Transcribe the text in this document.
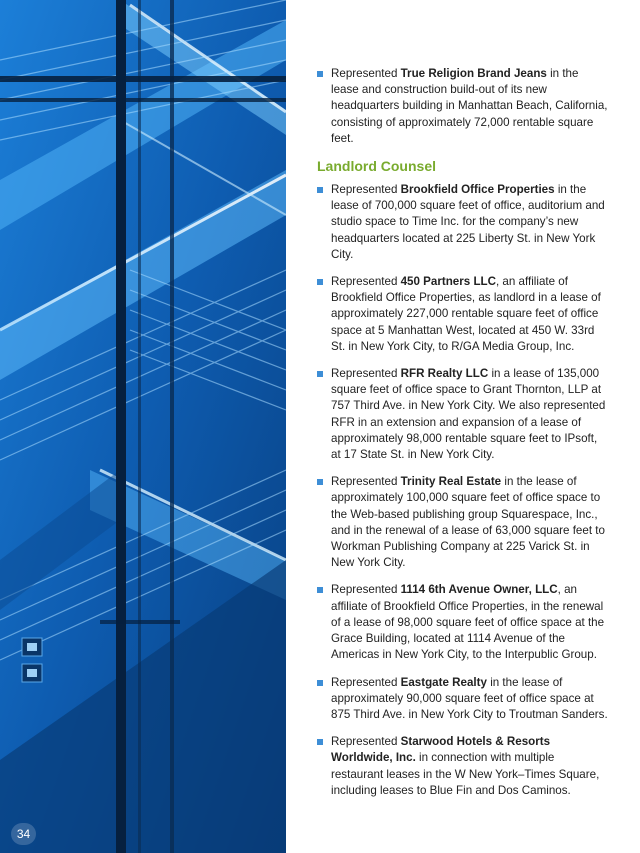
34
Represented True Religion Brand Jeans in the lease and construction build-out of its new headquarters building in Manhattan Beach, California, consisting of approximately 72,000 rentable square feet.
Landlord Counsel
Represented Brookfield Office Properties in the lease of 700,000 square feet of office, auditorium and studio space to Time Inc. for the company’s new headquarters located at 225 Liberty St. in New York City.
Represented 450 Partners LLC, an affiliate of Brookfield Office Properties, as landlord in a lease of approximately 227,000 rentable square feet of office space at 5 Manhattan West, located at 450 W. 33rd St. in New York City, to R/GA Media Group, Inc.
Represented RFR Realty LLC in a lease of 135,000 square feet of office space to Grant Thornton, LLP at 757 Third Ave. in New York City. We also represented RFR in an extension and expansion of a lease of approximately 98,000 rentable square feet to IPsoft, at 17 State St. in New York City.
Represented Trinity Real Estate in the lease of approximately 100,000 square feet of office space to the Web-based publishing group Squarespace, Inc., and in the renewal of a lease of 63,000 square feet to Workman Publishing Company at 225 Varick St. in New York City.
Represented 1114 6th Avenue Owner, LLC, an affiliate of Brookfield Office Properties, in the renewal of a lease of 98,000 square feet of office space at the Grace Building, located at 1114 Avenue of the Americas in New York City, to the Interpublic Group.
Represented Eastgate Realty in the lease of approximately 90,000 square feet of office space at 875 Third Ave. in New York City to Troutman Sanders.
Represented Starwood Hotels & Resorts Worldwide, Inc. in connection with multiple restaurant leases in the W New York–Times Square, including leases to Blue Fin and Dos Caminos.
